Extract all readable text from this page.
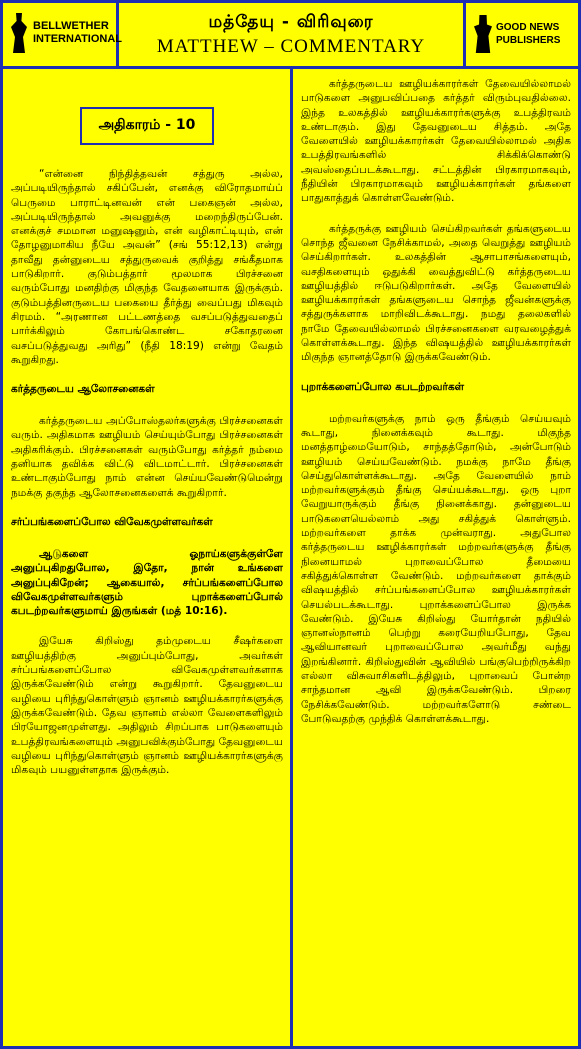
BELLWETHER
INTERNATIONAL
மத்தேயு - விரிவுரை
MATTHEW – COMMENTARY
GOOD NEWS
PUBLISHERS
அதிகாரம் - 10

“என்னை நிந்தித்தவன் சத்துரு அல்ல, அப்படியிருந்தால் சகிப்பேன், எனக்கு விரோதமாய்ப் பெருமை பாராட்டினவன் என் பகைஞன் அல்ல, அப்படியிருந்தால் அவனுக்கு மறைந்திருப்பேன். எனக்குச் சமமான மனுஷனும், என் வழிகாட்டியும், என் தோழனுமாகிய நீயே அவன்” (சங் 55:12,13) என்று தாவீது தன்னுடைய சத்துருவைக் குறித்து சங்கீதமாக பாடுகிறார். குடும்பத்தார் மூலமாக பிரச்சனை வரும்போது மனதிற்கு மிகுந்த வேதனையாக இருக்கும். குடும்பத்தினருடைய பகையை தீர்த்து வைப்பது மிகவும் சிரமம். “அரணான பட்டணத்தை வசப்படுத்துவதைப் பார்க்கிலும் கோபங்கொண்ட சகோதரனை வசப்படுத்துவது அரிது” (நீதி 18:19) என்று வேதம் கூறுகிறது.

கர்த்தருடைய ஆலோசனைகள்

கர்த்தருடைய அப்போஸ்தலர்களுக்கு பிரச்சனைகள் வரும். அதிகமாக ஊழியம் செய்யும்போது பிரச்சனைகள் அதிகரிக்கும். பிரச்சனைகள் வரும்போது கர்த்தர் நம்மை தனியாக தவிக்க விட்டு விடமாட்டார். பிரச்சனைகள் உண்டாகும்போது நாம் என்ன செய்யவேண்டுமென்று நமக்கு தகுந்த ஆலோசனைகளைக் கூறுகிறார்.

சர்ப்பங்களைப்போல விவேகமுள்ளவர்கள்

ஆடுகளை ஓநாய்களுக்குள்ளே அனுப்புகிறதுபோல, இதோ, நான் உங்களை அனுப்புகிறேன்; ஆகையால், சர்ப்பங்களைப்போல விவேகமுள்ளவர்களும் புறாக்களைப்போல் கபடற்றவர்களுமாய் இருங்கள் (மத் 10:16).

இயேசு கிறிஸ்து தம்முடைய சீஷர்களை ஊழியத்திற்கு அனுப்பும்போது, அவர்கள் சர்ப்பங்களைப்போல விவேகமுள்ளவர்களாக இருக்கவேண்டும் என்று கூறுகிறார். தேவனுடைய வழியை புரிந்துகொள்ளும் ஞானம் ஊழியக்காரர்களுக்கு இருக்கவேண்டும். தேவ ஞானம் எல்லா வேளைகளிலும் பிரயோஜனமுள்ளது. அதிலும் சிறப்பாக பாடுகளையும் உபத்திரவங்களையும் அனுபவிக்கும்போது தேவனுடைய வழியை புரிந்துகொள்ளும் ஞானம் ஊழியக்காரர்களுக்கு மிகவும் பயனுள்ளதாக இருக்கும்.

கர்த்தருடைய ஊழியக்காரர்கள் தேவையில்லாமல் பாடுகளை அனுபவிப்பதை கர்த்தர் விரும்புவதில்லை. இந்த உலகத்தில் ஊழியக்காரர்களுக்கு உபத்திரவம் உண்டாகும். இது தேவனுடைய சித்தம். அதே வேளையில் ஊழியக்காரர்கள் தேவையில்லாமல் அதிக உபத்திரவங்களில் சிக்கிக்கொண்டு அவஸ்தைப்படக்கூடாது. சட்டத்தின் பிரகாரமாகவும், நீதியின் பிரகாரமாகவும் ஊழியக்காரர்கள் தங்களை பாதுகாத்துக் கொள்ளவேண்டும்.

கர்த்தருக்கு ஊழியம் செய்கிறவர்கள் தங்களுடைய சொந்த ஜீவனை நேசிக்காமல், அதை வெறுத்து ஊழியம் செய்கிறார்கள். உலகத்தின் ஆசாபாசங்களையும், வசதிகளையும் ஒதுக்கி வைத்துவிட்டு கர்த்தருடைய ஊழியத்தில் ஈடுபடுகிறார்கள். அதே வேளையில் ஊழியக்காரர்கள் தங்களுடைய சொந்த ஜீவன்களுக்கு சத்துருக்களாக மாறிவிடக்கூடாது. நமது தலைகளில் நாமே தேவையில்லாமல் பிரச்சனைகளை வரவழைத்துக் கொள்ளக்கூடாது. இந்த விஷயத்தில் ஊழியக்காரர்கள் மிகுந்த ஞானத்தோடு இருக்கவேண்டும்.

புறாக்களைப்போல கபடற்றவர்கள்

மற்றவர்களுக்கு நாம் ஒரு தீங்கும் செய்யவும் கூடாது, நினைக்கவும் கூடாது. மிகுந்த மனத்தாழ்மையோடும், சாந்தத்தோடும், அன்போடும் ஊழியம் செய்யவேண்டும். நமக்கு நாமே தீங்கு செய்துகொள்ளக்கூடாது. அதே வேளையில் நாம் மற்றவர்களுக்கும் தீங்கு செய்யக்கூடாது. ஒரு புறா வேறுயாருக்கும் தீங்கு நினைக்காது. தன்னுடைய பாடுகளையெல்லாம் அது சகித்துக் கொள்ளும். மற்றவர்களை தாக்க முன்வராது. அதுபோல கர்த்தருடைய ஊழிக்காரர்கள் மற்றவர்களுக்கு தீங்கு நினையாமல் புறாவைப்போல தீமையை சகித்துக்கொள்ள வேண்டும். மற்றவர்களை தாக்கும் விஷயத்தில் சர்ப்பங்களைப்போல ஊழியக்காரர்கள் செயல்படக்கூடாது. புறாக்களைப்போல இருக்க வேண்டும். இயேசு கிறிஸ்து யோர்தான் நதியில் ஞானஸ்நானம் பெற்று கரையேறியபோது, தேவ ஆவியானவர் புறாவைப்போல அவர்மீது வந்து இறங்கினார். கிறிஸ்துவின் ஆவியில் பங்குபெற்றிருக்கிற எல்லா விசுவாசிகளிடத்திலும், புறாவைப் போன்ற சாந்தமான ஆவி இருக்கவேண்டும். பிறரை நேசிக்கவேண்டும். மற்றவர்களோடு சண்டை போடுவதற்கு முந்திக் கொள்ளக்கூடாது.
